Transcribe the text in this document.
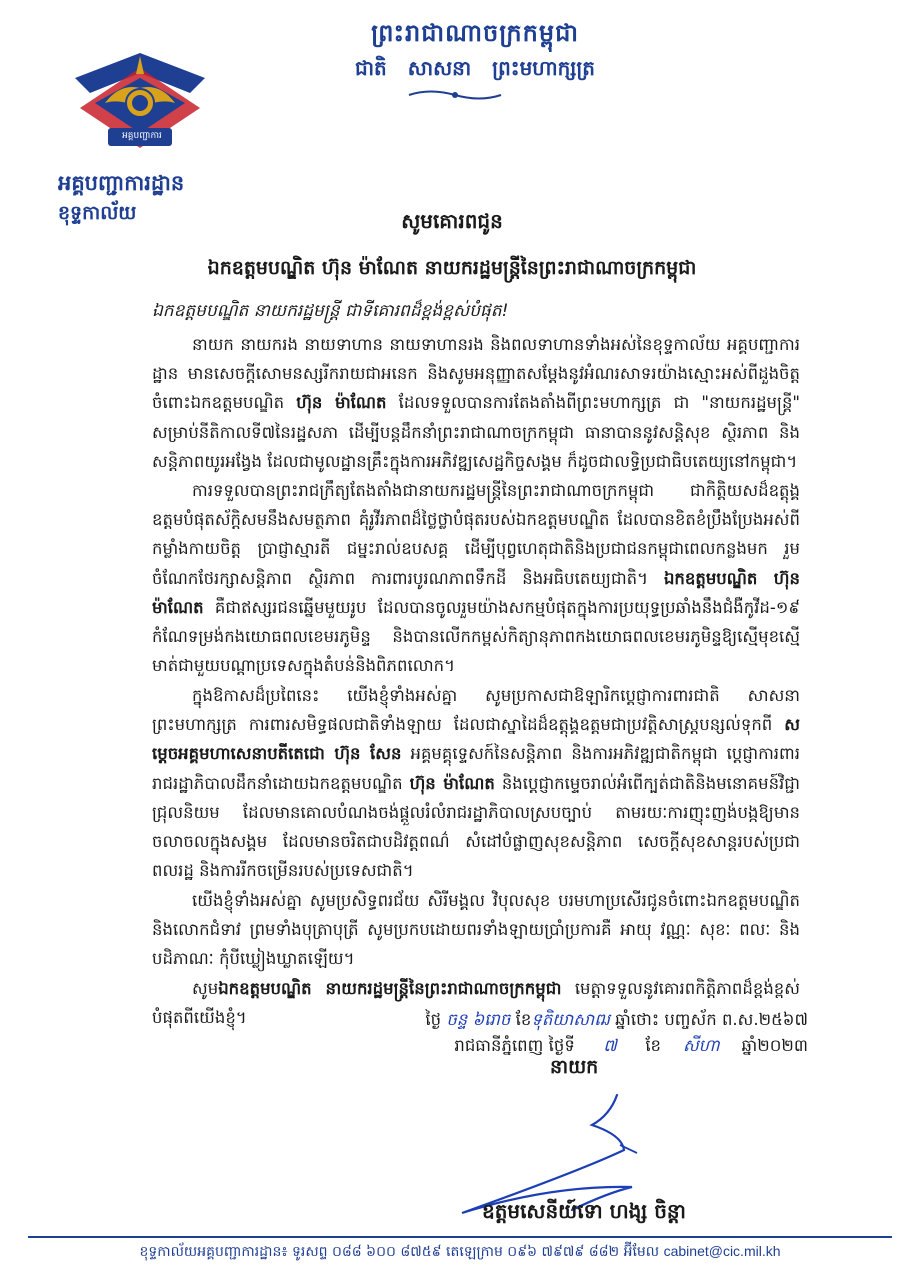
ព្រះរាជាណាចក្រកម្ពុជា
ជាតិ សាសនា ព្រះមហាក្សត្រ
អគ្គបញ្ជាការ
អគ្គបញ្ជាការដ្ឋាន
ខុទ្ទកាល័យ	សូមគោរពជូន
ឯកឧត្តមបណ្ឌិត ហ៊ុន ម៉ាណែត នាយករដ្ឋមន្ត្រីនៃព្រះរាជាណាចក្រកម្ពុជា
ឯកឧត្តមបណ្ឌិត នាយករដ្ឋមន្ត្រី ជាទីគោរពដ៏ខ្ពង់ខ្ពស់បំផុត!

នាយក នាយករង នាយទាហាន នាយទាហានរង និងពលទាហានទាំងអស់នៃខុទ្ទកាល័យ អគ្គបញ្ជាការដ្ឋាន មានសេចក្តីសោមនស្សរីករាយជាអនេក និងសូមអនុញ្ញាតសម្តែងនូវអំណរសាទរយ៉ាងស្មោះអស់ពីដួងចិត្តចំពោះឯកឧត្តមបណ្ឌិត ហ៊ុន ម៉ាណែត ដែលទទួលបានការតែងតាំងពីព្រះមហាក្សត្រ ជា "នាយករដ្ឋមន្ត្រី" សម្រាប់នីតិកាលទី៧នៃរដ្ឋសភា ដើម្បីបន្តដឹកនាំព្រះរាជាណាចក្រកម្ពុជា ធានាបាននូវសន្តិសុខ ស្ថិរភាព និងសន្តិភាពយូរអង្វែង ដែលជាមូលដ្ឋានគ្រឹះក្នុងការអភិវឌ្ឍសេដ្ឋកិច្ចសង្គម ក៏ដូចជាលទ្ធិប្រជាធិបតេយ្យនៅកម្ពុជា។

ការទទួលបានព្រះរាជក្រឹត្យតែងតាំងជានាយករដ្ឋមន្ត្រីនៃព្រះរាជាណាចក្រកម្ពុជា ជាកិត្តិយសដ៏ឧត្តុង្គឧត្តមបំផុតស័ក្តិសមនឹងសមត្ថភាព គុំរូវីរភាពដ៏ថ្លៃថ្លាបំផុតរបស់ឯកឧត្តមបណ្ឌិត ដែលបានខិតខំប្រឹងប្រែងអស់ពីកម្លាំងកាយចិត្ត ប្រាជ្ញាស្មារតី ជម្នះរាល់ឧបសគ្គ ដើម្បីបុព្វហេតុជាតិនិងប្រជាជនកម្ពុជាពេលកន្លងមក រួមចំណែកថែរក្សាសន្តិភាព ស្ថិរភាព ការពារបូរណភាពទឹកដី និងអធិបតេយ្យជាតិ។ ឯកឧត្តមបណ្ឌិត ហ៊ុន ម៉ាណែត គឺជាឥស្សរជនឆ្នើមមួយរូប ដែលបានចូលរួមយ៉ាងសកម្មបំផុតក្នុងការប្រយុទ្ធប្រឆាំងនឹងជំងឺកូវីដ-១៩ កំណែទម្រង់កងយោធពលខេមរភូមិន្ទ និងបានលើកកម្ពស់កិត្យានុភាពកងយោធពលខេមរភូមិន្ទឱ្យស្មើមុខស្មើមាត់ជាមួយបណ្តាប្រទេសក្នុងតំបន់និងពិភពលោក។

ក្នុងឱកាសដ៏ប្រពៃនេះ យើងខ្ញុំទាំងអស់គ្នា សូមប្រកាសជាឱឡារិកប្តេជ្ញាការពារជាតិ សាសនា ព្រះមហាក្សត្រ ការពារសមិទ្ធផលជាតិទាំងឡាយ ដែលជាស្នាដៃដ៏ឧត្តុង្គឧត្តមជាប្រវត្តិសាស្ត្របន្សល់ទុកពី សម្តេចអគ្គមហាសេនាបតីតេជោ ហ៊ុន សែន អគ្គមគ្គុទ្ទេសក៍នៃសន្តិភាព និងការអភិវឌ្ឍជាតិកម្ពុជា ប្តេជ្ញាការពាររាជរដ្ឋាភិបាលដឹកនាំដោយឯកឧត្តមបណ្ឌិត ហ៊ុន ម៉ាណែត និងប្តេជ្ញាកម្ទេចរាល់អំពើក្បត់ជាតិនិងមនោគមន៍វិជ្ជាជ្រុលនិយម ដែលមានគោលបំណងចង់ផ្តួលរំលំរាជរដ្ឋាភិបាលស្របច្បាប់ តាមរយៈការញុះញង់បង្កឱ្យមានចលាចលក្នុងសង្គម ដែលមានចរិតជាបដិវត្តពណ៌ សំដៅបំផ្លាញសុខសន្តិភាព សេចក្តីសុខសាន្តរបស់ប្រជាពលរដ្ឋ និងការរីកចម្រើនរបស់ប្រទេសជាតិ។

យើងខ្ញុំទាំងអស់គ្នា សូមប្រសិទ្ធពរជ័យ សិរីមង្គល វិបុលសុខ បរមហាប្រសើរជូនចំពោះឯកឧត្តមបណ្ឌិត និងលោកជំទាវ ព្រមទាំងបុត្រាបុត្រី សូមប្រកបដោយពរទាំងឡាយប្រាំប្រការគឺ អាយុ វណ្ណៈ សុខៈ ពលៈ និងបដិភាណៈ កុំបីឃ្លៀងឃ្លាតឡើយ។

សូមឯកឧត្តមបណ្ឌិត នាយករដ្ឋមន្ត្រីនៃព្រះរាជាណាចក្រកម្ពុជា មេត្តាទទួលនូវគោរពកិត្តិភាពដ៏ខ្ពង់ខ្ពស់បំផុតពីយើងខ្ញុំ។	ថ្ងៃ ចន្ទ ៦រោច ខែទុតិយាសាឍ ឆ្នាំថោះ បញ្ចស័ក ព.ស.២៥៦៧
រាជធានីភ្នំពេញ ថ្ងៃទី ៧ ខែ សីហា ឆ្នាំ២០២៣
នាយក
ឧត្តមសេនីយ៍ទោ ហង្ស ចិន្តា
ខុទ្ទកាល័យអគ្គបញ្ជាការដ្ឋាន៖ ទូរសព្ទ ០៨៨ ៦០០ ៨៧៥៩ តេឡេក្រាម ០៩៦ ៧៩៧៩ ៨៨២ អ៊ីមែល cabinet@cic.mil.kh
